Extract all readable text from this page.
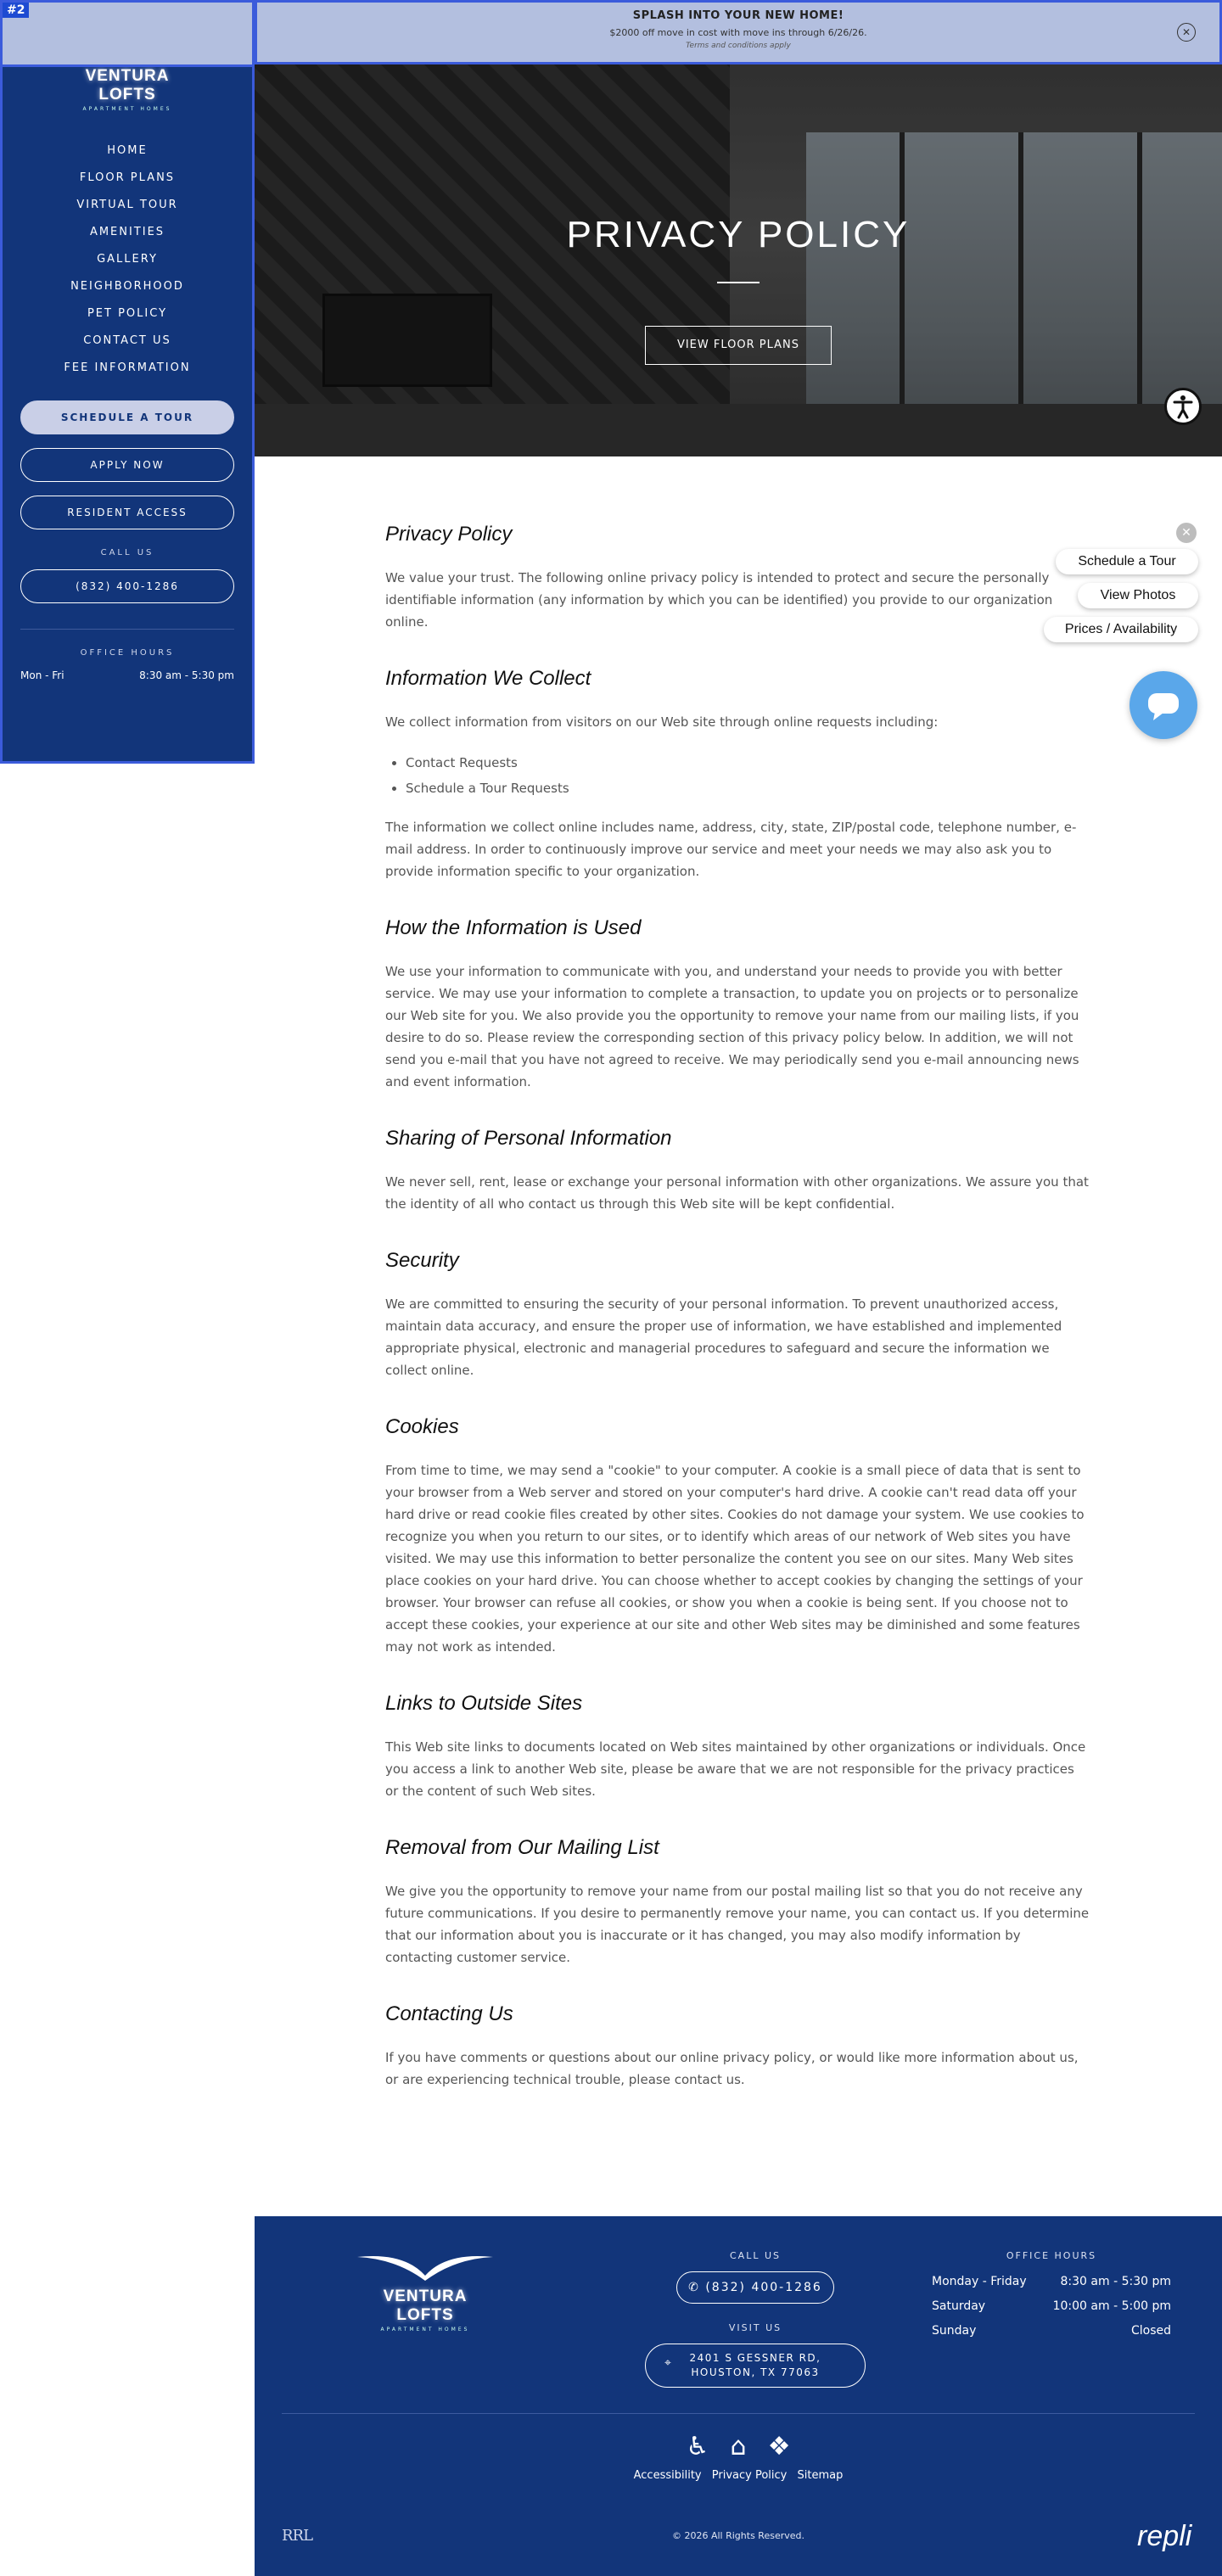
SPLASH INTO YOUR NEW HOME!
$2000 off move in cost with move ins through 6/26/26.
Terms and conditions apply
✕
#2
VENTURA LOFTS
APARTMENT HOMES
HOME
FLOOR PLANS
VIRTUAL TOUR
AMENITIES
GALLERY
NEIGHBORHOOD
PET POLICY
CONTACT US
FEE INFORMATION
SCHEDULE A TOUR
APPLY NOW
RESIDENT ACCESS
CALL US
(832) 400-1286
OFFICE HOURS
Mon - Fri	8:30 am - 5:30 pm
PRIVACY POLICY
VIEW FLOOR PLANS
✕
Schedule a Tour
View Photos
Prices / Availability
Privacy Policy

We value your trust. The following online privacy policy is intended to protect and secure the personally identifiable information (any information by which you can be identified) you provide to our organization online.

Information We Collect

We collect information from visitors on our Web site through online requests including:

• Contact Requests
• Schedule a Tour Requests

The information we collect online includes name, address, city, state, ZIP/postal code, telephone number, e-mail address. In order to continuously improve our service and meet your needs we may also ask you to provide information specific to your organization.

How the Information is Used

We use your information to communicate with you, and understand your needs to provide you with better service. We may use your information to complete a transaction, to update you on projects or to personalize our Web site for you. We also provide you the opportunity to remove your name from our mailing lists, if you desire to do so. Please review the corresponding section of this privacy policy below. In addition, we will not send you e-mail that you have not agreed to receive. We may periodically send you e-mail announcing news and event information.

Sharing of Personal Information

We never sell, rent, lease or exchange your personal information with other organizations. We assure you that the identity of all who contact us through this Web site will be kept confidential.

Security

We are committed to ensuring the security of your personal information. To prevent unauthorized access, maintain data accuracy, and ensure the proper use of information, we have established and implemented appropriate physical, electronic and managerial procedures to safeguard and secure the information we collect online.

Cookies

From time to time, we may send a "cookie" to your computer. A cookie is a small piece of data that is sent to your browser from a Web server and stored on your computer's hard drive. A cookie can't read data off your hard drive or read cookie files created by other sites. Cookies do not damage your system. We use cookies to recognize you when you return to our sites, or to identify which areas of our network of Web sites you have visited. We may use this information to better personalize the content you see on our sites. Many Web sites place cookies on your hard drive. You can choose whether to accept cookies by changing the settings of your browser. Your browser can refuse all cookies, or show you when a cookie is being sent. If you choose not to accept these cookies, your experience at our site and other Web sites may be diminished and some features may not work as intended.

Links to Outside Sites

This Web site links to documents located on Web sites maintained by other organizations or individuals. Once you access a link to another Web site, please be aware that we are not responsible for the privacy practices or the content of such Web sites.

Removal from Our Mailing List

We give you the opportunity to remove your name from our postal mailing list so that you do not receive any future communications. If you desire to permanently remove your name, you can contact us. If you determine that our information about you is inaccurate or it has changed, you may also modify information by contacting customer service.

Contacting Us

If you have comments or questions about our online privacy policy, or would like more information about us, or are experiencing technical trouble, please contact us.

VENTURA LOFTS
APARTMENT HOMES
CALL US
✆ (832) 400-1286
VISIT US
⌖	2401 S GESSNER RD,
HOUSTON, TX 77063
OFFICE HOURS
Monday - Friday	8:30 am - 5:30 pm
Saturday	10:00 am - 5:00 pm
Sunday	Closed
♿ ⌂ ❖
Accessibility Privacy Policy Sitemap
RRL	© 2026 All Rights Reserved.	repli
